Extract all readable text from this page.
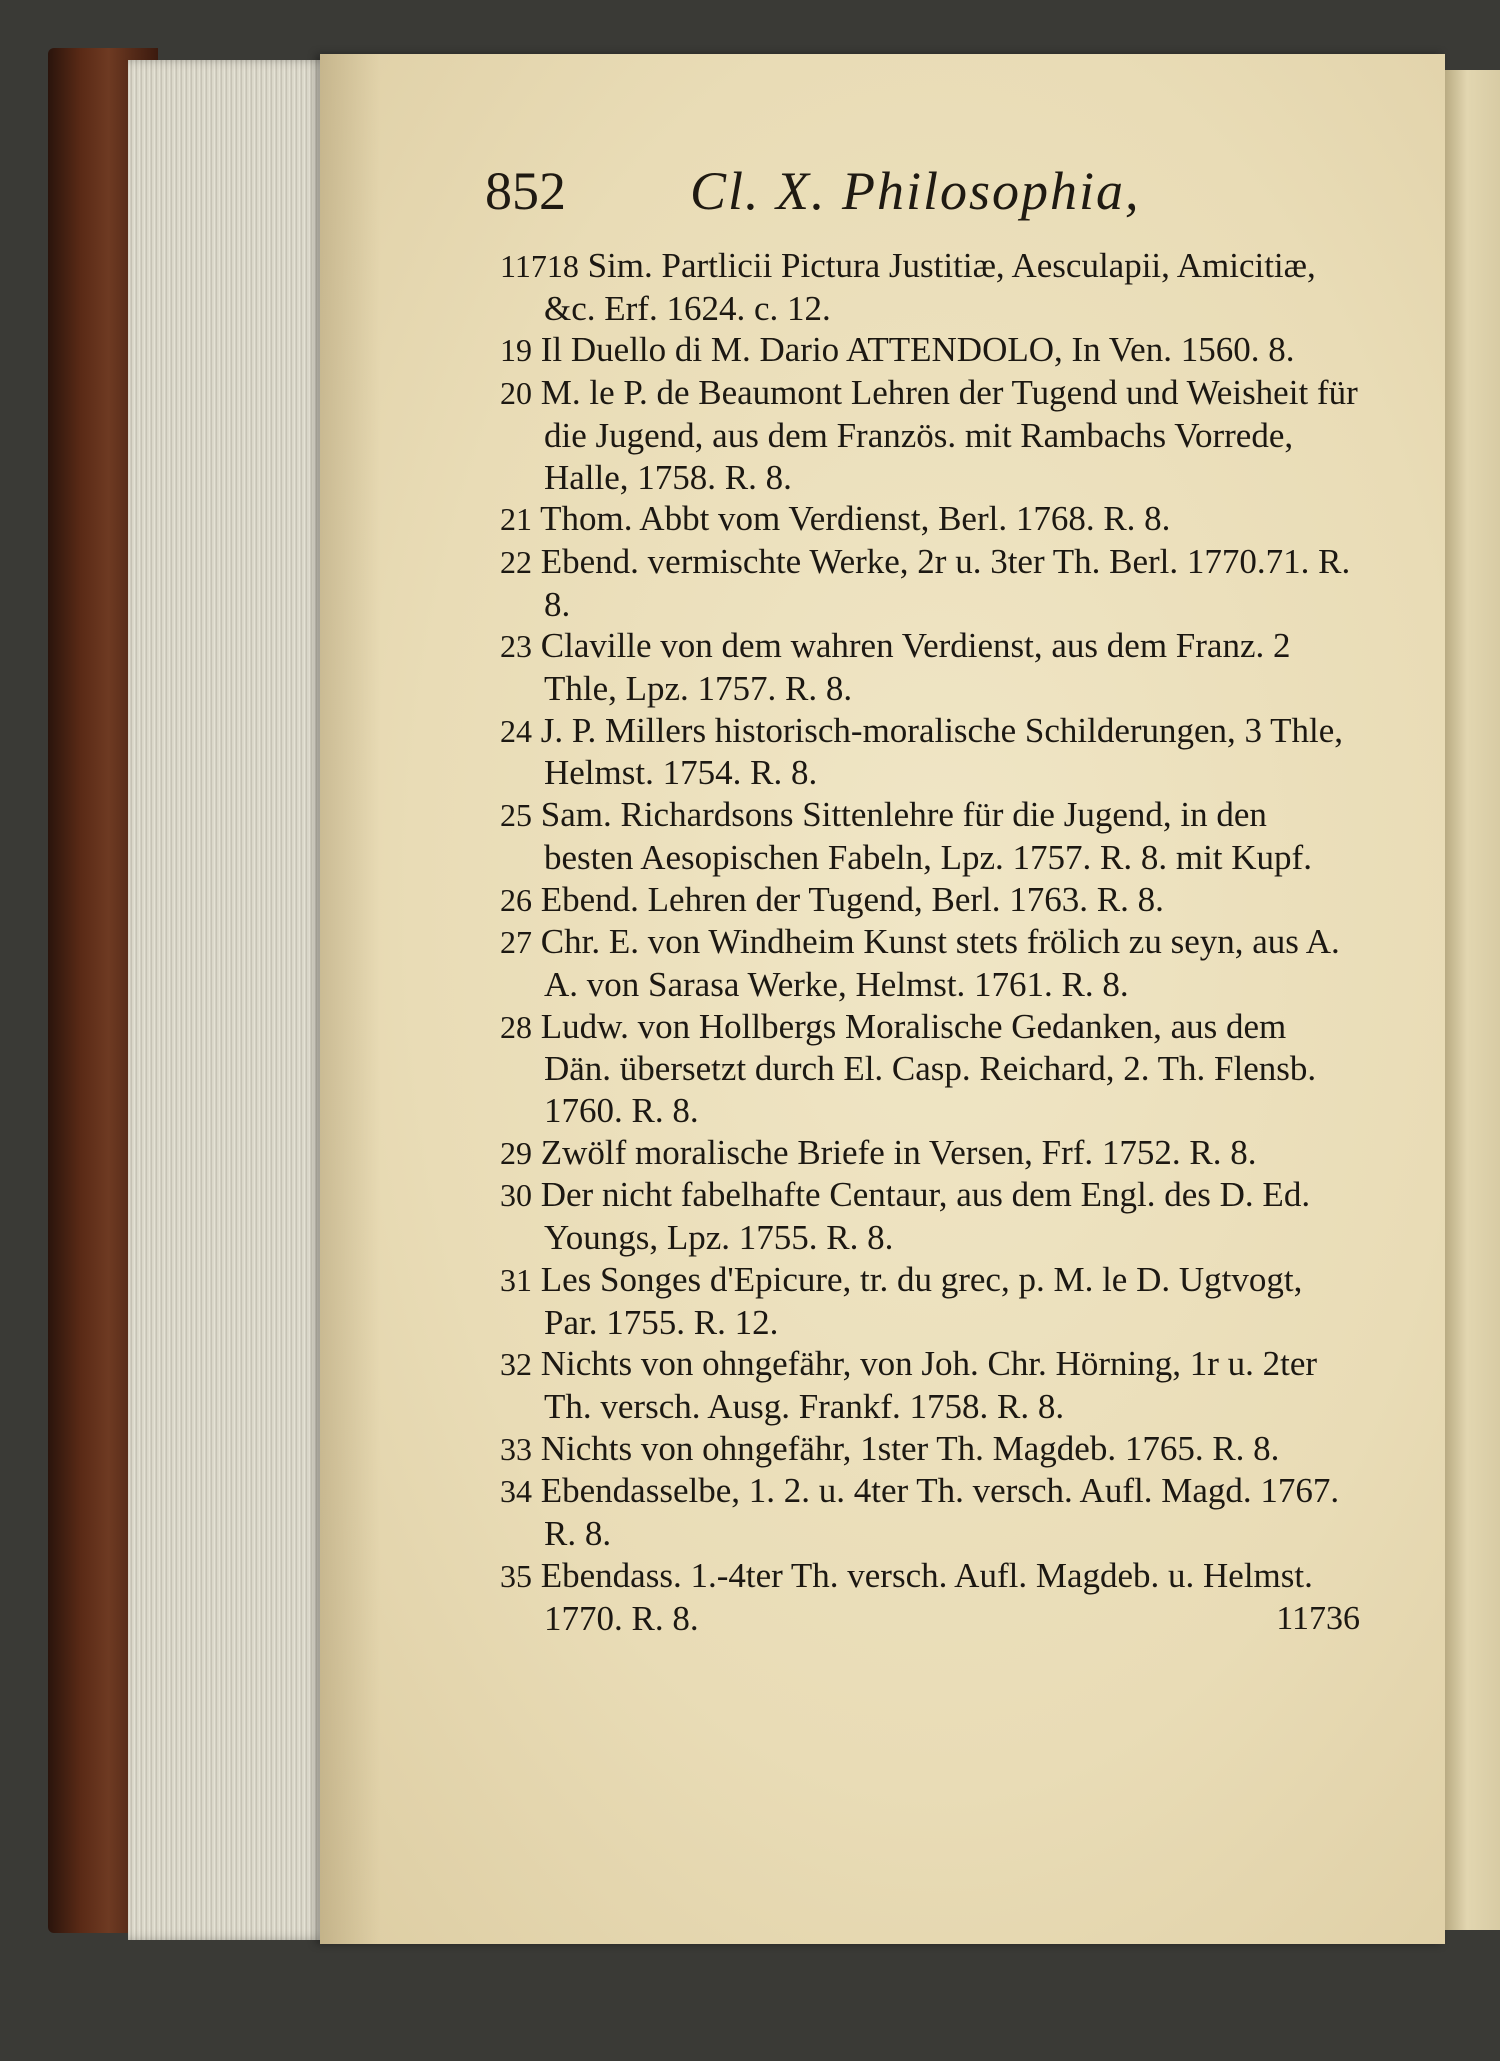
852 Cl. X. Philosophia,

11718 Sim. Partlicii Pictura Justitiæ, Aesculapii, Amicitiæ, &c. Erf. 1624. c. 12.

19 Il Duello di M. Dario ATTENDOLO, In Ven. 1560. 8.

20 M. le P. de Beaumont Lehren der Tugend und Weisheit für die Jugend, aus dem Französ. mit Rambachs Vorrede, Halle, 1758. R. 8.

21 Thom. Abbt vom Verdienst, Berl. 1768. R. 8.

22 Ebend. vermischte Werke, 2r u. 3ter Th. Berl. 1770.71. R. 8.

23 Claville von dem wahren Verdienst, aus dem Franz. 2 Thle, Lpz. 1757. R. 8.

24 J. P. Millers historisch-moralische Schilderungen, 3 Thle, Helmst. 1754. R. 8.

25 Sam. Richardsons Sittenlehre für die Jugend, in den besten Aesopischen Fabeln, Lpz. 1757. R. 8. mit Kupf.

26 Ebend. Lehren der Tugend, Berl. 1763. R. 8.

27 Chr. E. von Windheim Kunst stets frölich zu seyn, aus A. A. von Sarasa Werke, Helmst. 1761. R. 8.

28 Ludw. von Hollbergs Moralische Gedanken, aus dem Dän. übersetzt durch El. Casp. Reichard, 2. Th. Flensb. 1760. R. 8.

29 Zwölf moralische Briefe in Versen, Frf. 1752. R. 8.

30 Der nicht fabelhafte Centaur, aus dem Engl. des D. Ed. Youngs, Lpz. 1755. R. 8.

31 Les Songes d'Epicure, tr. du grec, p. M. le D. Ugtvogt, Par. 1755. R. 12.

32 Nichts von ohngefähr, von Joh. Chr. Hörning, 1r u. 2ter Th. versch. Ausg. Frankf. 1758. R. 8.

33 Nichts von ohngefähr, 1ster Th. Magdeb. 1765. R. 8.

34 Ebendasselbe, 1. 2. u. 4ter Th. versch. Aufl. Magd. 1767. R. 8.

35 Ebendass. 1.-4ter Th. versch. Aufl. Magdeb. u. Helmst. 1770. R. 8.	11736
